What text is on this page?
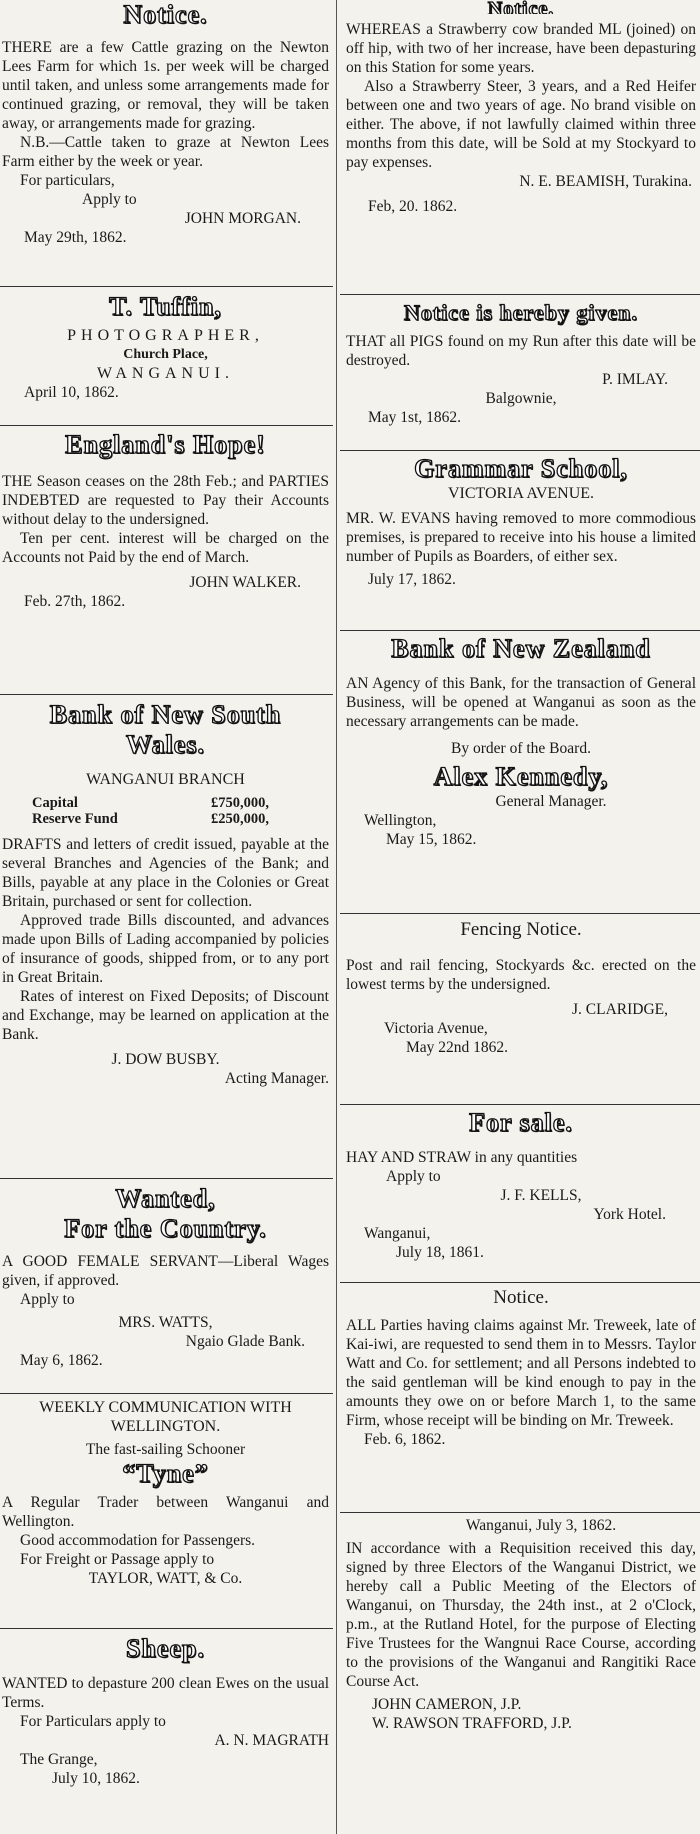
Notice.

THERE are a few Cattle grazing on the Newton Lees Farm for which 1s. per week will be charged until taken, and unless some arrangements made for continued grazing, or removal, they will be taken away, or arrangements made for grazing.

N.B.—Cattle taken to graze at Newton Lees Farm either by the week or year.

For particulars,

Apply to

JOHN MORGAN.

May 29th, 1862.

T. Tuffin,

PHOTOGRAPHER,

Church Place,

WANGANUI.

April 10, 1862.

England's Hope!

THE Season ceases on the 28th Feb.; and PARTIES INDEBTED are requested to Pay their Accounts without delay to the undersigned.

Ten per cent. interest will be charged on the Accounts not Paid by the end of March.

JOHN WALKER.

Feb. 27th, 1862.

Bank of New South
Wales.

WANGANUI BRANCH

Capital	£750,000,
Reserve Fund	£250,000,

DRAFTS and letters of credit issued, payable at the several Branches and Agencies of the Bank; and Bills, payable at any place in the Colonies or Great Britain, purchased or sent for collection.

Approved trade Bills discounted, and advances made upon Bills of Lading accompanied by policies of insurance of goods, shipped from, or to any port in Great Britain.

Rates of interest on Fixed Deposits; of Discount and Exchange, may be learned on application at the Bank.

J. DOW BUSBY.

Acting Manager.

Wanted,
For the Country.

A GOOD FEMALE SERVANT—Liberal Wages given, if approved.

Apply to

MRS. WATTS,

Ngaio Glade Bank.

May 6, 1862.

WEEKLY COMMUNICATION WITH

WELLINGTON.

The fast-sailing Schooner

“Tyne”

A Regular Trader between Wanganui and Wellington.

Good accommodation for Passengers.

For Freight or Passage apply to

TAYLOR, WATT, & Co.

Sheep.

WANTED to depasture 200 clean Ewes on the usual Terms.

For Particulars apply to

A. N. MAGRATH

The Grange,

July 10, 1862.

Notice.

WHEREAS a Strawberry cow branded ML (joined) on off hip, with two of her increase, have been depasturing on this Station for some years.

Also a Strawberry Steer, 3 years, and a Red Heifer between one and two years of age. No brand visible on either. The above, if not lawfully claimed within three months from this date, will be Sold at my Stockyard to pay expenses.

N. E. BEAMISH, Turakina.

Feb, 20. 1862.

Notice is hereby given.

THAT all PIGS found on my Run after this date will be destroyed.

P. IMLAY.

Balgownie,

May 1st, 1862.

Grammar School,

VICTORIA AVENUE.

MR. W. EVANS having removed to more commodious premises, is prepared to receive into his house a limited number of Pupils as Boarders, of either sex.

July 17, 1862.

Bank of New Zealand

AN Agency of this Bank, for the transaction of General Business, will be opened at Wanganui as soon as the necessary arrangements can be made.

By order of the Board.

Alex Kennedy,

General Manager.

Wellington,

May 15, 1862.

Fencing Notice.

Post and rail fencing, Stockyards &c. erected on the lowest terms by the undersigned.

J. CLARIDGE,

Victoria Avenue,

May 22nd 1862.

For sale.

HAY AND STRAW in any quantities

Apply to

J. F. KELLS,

York Hotel.

Wanganui,

July 18, 1861.

Notice.

ALL Parties having claims against Mr. Treweek, late of Kai-iwi, are requested to send them in to Messrs. Taylor Watt and Co. for settlement; and all Persons indebted to the said gentleman will be kind enough to pay in the amounts they owe on or before March 1, to the same Firm, whose receipt will be binding on Mr. Treweek.

Feb. 6, 1862.

Wanganui, July 3, 1862.

IN accordance with a Requisition received this day, signed by three Electors of the Wanganui District, we hereby call a Public Meeting of the Electors of Wanganui, on Thursday, the 24th inst., at 2 o'Clock, p.m., at the Rutland Hotel, for the purpose of Electing Five Trustees for the Wangnui Race Course, according to the provisions of the Wanganui and Rangitiki Race Course Act.

JOHN CAMERON, J.P.

W. RAWSON TRAFFORD, J.P.
